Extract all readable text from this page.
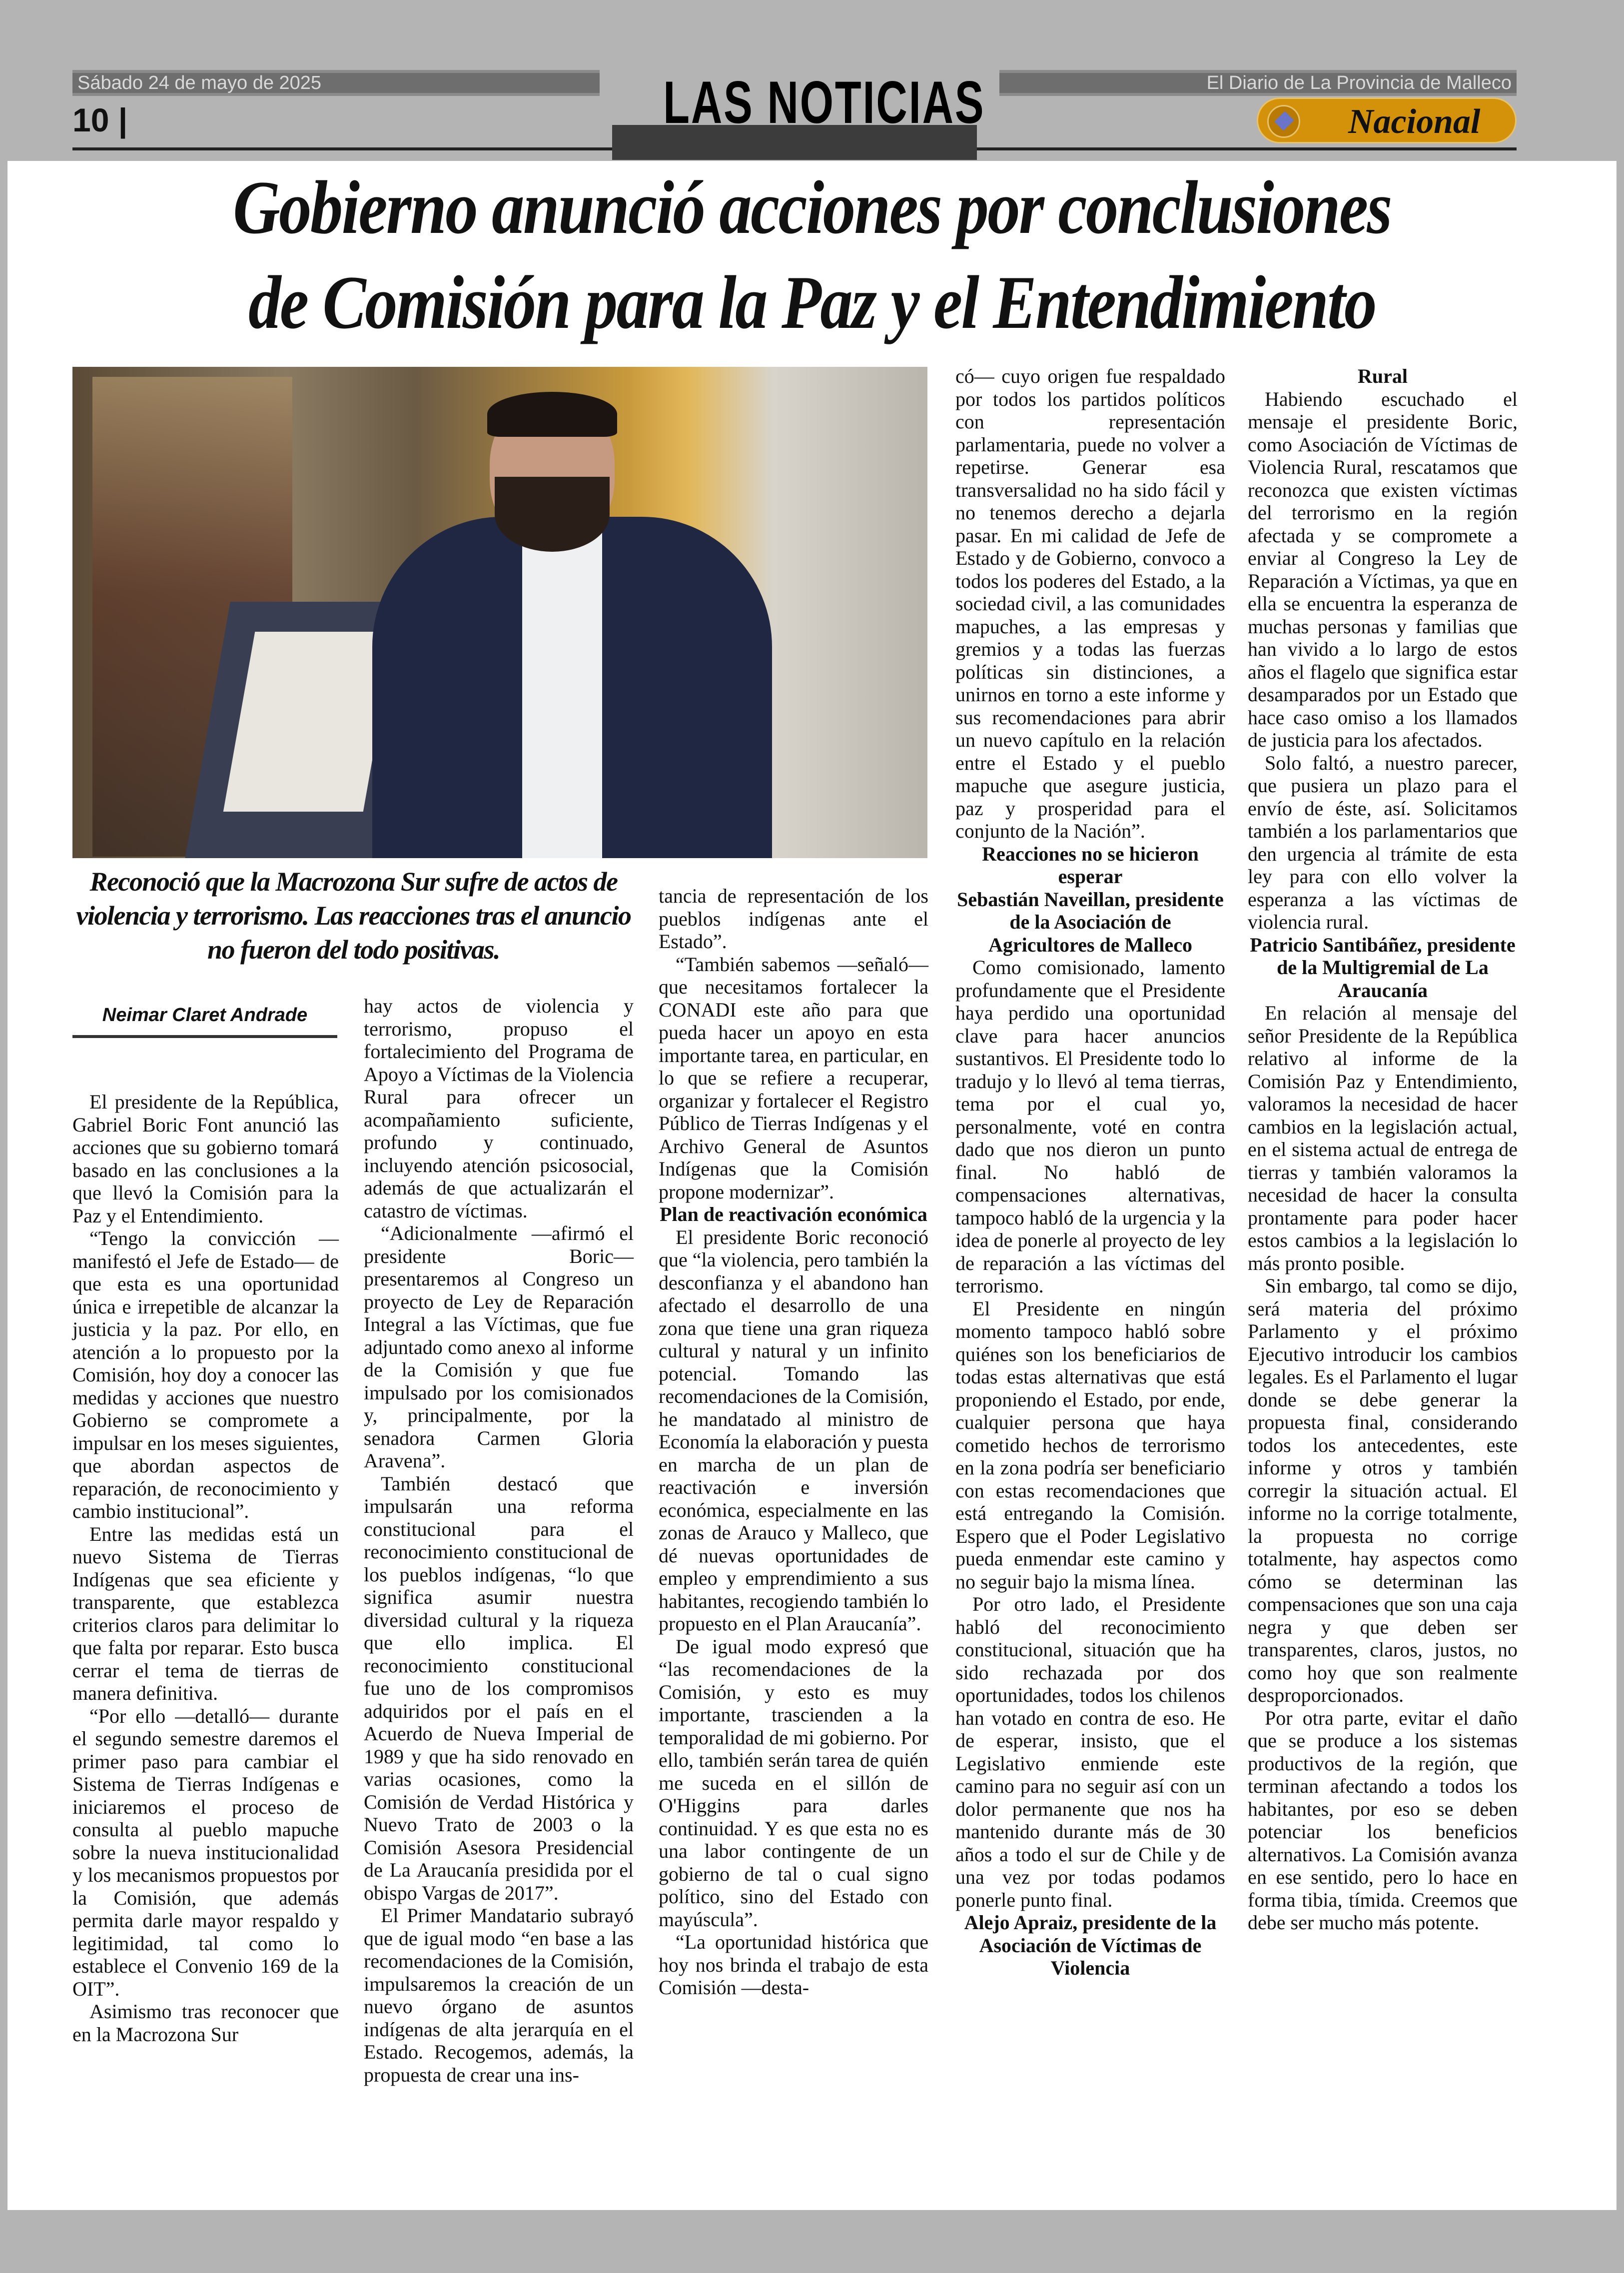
Sábado 24 de mayo de 2025	El Diario de La Provincia de Malleco
10 |	LAS NOTICIAS	Nacional
Gobierno anunció acciones por conclusiones
de Comisión para la Paz y el Entendimiento
Reconoció que la Macrozona Sur sufre de actos de violencia y terrorismo. Las reacciones tras el anuncio no fueron del todo positivas.
Neimar Claret Andrade

El presidente de la República, Gabriel Boric Font anunció las acciones que su gobierno tomará basado en las conclusiones a la que llevó la Comisión para la Paz y el Entendimiento.

“Tengo la convicción —manifestó el Jefe de Estado— de que esta es una oportunidad única e irrepetible de alcanzar la justicia y la paz. Por ello, en atención a lo propuesto por la Comisión, hoy doy a conocer las medidas y acciones que nuestro Gobierno se compromete a impulsar en los meses siguientes, que abordan aspectos de reparación, de reconocimiento y cambio institucional”.

Entre las medidas está un nuevo Sistema de Tierras Indígenas que sea eficiente y transparente, que establezca criterios claros para delimitar lo que falta por reparar. Esto busca cerrar el tema de tierras de manera definitiva.

“Por ello —detalló— durante el segundo semestre daremos el primer paso para cambiar el Sistema de Tierras Indígenas e iniciaremos el proceso de consulta al pueblo mapuche sobre la nueva institucionalidad y los mecanismos propuestos por la Comisión, que además permita darle mayor respaldo y legitimidad, tal como lo establece el Convenio 169 de la OIT”.

Asimismo tras reconocer que en la Macrozona Sur

hay actos de violencia y terrorismo, propuso el fortalecimiento del Programa de Apoyo a Víctimas de la Violencia Rural para ofrecer un acompañamiento suficiente, profundo y continuado, incluyendo atención psicosocial, además de que actualizarán el catastro de víctimas.

“Adicionalmente —afirmó el presidente Boric— presentaremos al Congreso un proyecto de Ley de Reparación Integral a las Víctimas, que fue adjuntado como anexo al informe de la Comisión y que fue impulsado por los comisionados y, principalmente, por la senadora Carmen Gloria Aravena”.

También destacó que impulsarán una reforma constitucional para el reconocimiento constitucional de los pueblos indígenas, “lo que significa asumir nuestra diversidad cultural y la riqueza que ello implica. El reconocimiento constitucional fue uno de los compromisos adquiridos por el país en el Acuerdo de Nueva Imperial de 1989 y que ha sido renovado en varias ocasiones, como la Comisión de Verdad Histórica y Nuevo Trato de 2003 o la Comisión Asesora Presidencial de La Araucanía presidida por el obispo Vargas de 2017”.

El Primer Mandatario subrayó que de igual modo “en base a las recomendaciones de la Comisión, impulsaremos la creación de un nuevo órgano de asuntos indígenas de alta jerarquía en el Estado. Recogemos, además, la propuesta de crear una ins-

tancia de representación de los pueblos indígenas ante el Estado”.

“También sabemos —señaló— que necesitamos fortalecer la CONADI este año para que pueda hacer un apoyo en esta importante tarea, en particular, en lo que se refiere a recuperar, organizar y fortalecer el Registro Público de Tierras Indígenas y el Archivo General de Asuntos Indígenas que la Comisión propone modernizar”.

Plan de reactivación económica

El presidente Boric reconoció que “la violencia, pero también la desconfianza y el abandono han afectado el desarrollo de una zona que tiene una gran riqueza cultural y natural y un infinito potencial. Tomando las recomendaciones de la Comisión, he mandatado al ministro de Economía la elaboración y puesta en marcha de un plan de reactivación e inversión económica, especialmente en las zonas de Arauco y Malleco, que dé nuevas oportunidades de empleo y emprendimiento a sus habitantes, recogiendo también lo propuesto en el Plan Araucanía”.

De igual modo expresó que “las recomendaciones de la Comisión, y esto es muy importante, trascienden a la temporalidad de mi gobierno. Por ello, también serán tarea de quién me suceda en el sillón de O'Higgins para darles continuidad. Y es que esta no es una labor contingente de un gobierno de tal o cual signo político, sino del Estado con mayúscula”.

“La oportunidad histórica que hoy nos brinda el trabajo de esta Comisión —desta-

có— cuyo origen fue respaldado por todos los partidos políticos con representación parlamentaria, puede no volver a repetirse. Generar esa transversalidad no ha sido fácil y no tenemos derecho a dejarla pasar. En mi calidad de Jefe de Estado y de Gobierno, convoco a todos los poderes del Estado, a la sociedad civil, a las comunidades mapuches, a las empresas y gremios y a todas las fuerzas políticas sin distinciones, a unirnos en torno a este informe y sus recomendaciones para abrir un nuevo capítulo en la relación entre el Estado y el pueblo mapuche que asegure justicia, paz y prosperidad para el conjunto de la Nación”.

Reacciones no se hicieron esperar
Sebastián Naveillan, presidente de la Asociación de Agricultores de Malleco

Como comisionado, lamento profundamente que el Presidente haya perdido una oportunidad clave para hacer anuncios sustantivos. El Presidente todo lo tradujo y lo llevó al tema tierras, tema por el cual yo, personalmente, voté en contra dado que nos dieron un punto final. No habló de compensaciones alternativas, tampoco habló de la urgencia y la idea de ponerle al proyecto de ley de reparación a las víctimas del terrorismo.

El Presidente en ningún momento tampoco habló sobre quiénes son los beneficiarios de todas estas alternativas que está proponiendo el Estado, por ende, cualquier persona que haya cometido hechos de terrorismo en la zona podría ser beneficiario con estas recomendaciones que está entregando la Comisión. Espero que el Poder Legislativo pueda enmendar este camino y no seguir bajo la misma línea.

Por otro lado, el Presidente habló del reconocimiento constitucional, situación que ha sido rechazada por dos oportunidades, todos los chilenos han votado en contra de eso. He de esperar, insisto, que el Legislativo enmiende este camino para no seguir así con un dolor permanente que nos ha mantenido durante más de 30 años a todo el sur de Chile y de una vez por todas podamos ponerle punto final.

Alejo Apraiz, presidente de la Asociación de Víctimas de Violencia
Rural

Habiendo escuchado el mensaje el presidente Boric, como Asociación de Víctimas de Violencia Rural, rescatamos que reconozca que existen víctimas del terrorismo en la región afectada y se compromete a enviar al Congreso la Ley de Reparación a Víctimas, ya que en ella se encuentra la esperanza de muchas personas y familias que han vivido a lo largo de estos años el flagelo que significa estar desamparados por un Estado que hace caso omiso a los llamados de justicia para los afectados.

Solo faltó, a nuestro parecer, que pusiera un plazo para el envío de éste, así. Solicitamos también a los parlamentarios que den urgencia al trámite de esta ley para con ello volver la esperanza a las víctimas de violencia rural.

Patricio Santibáñez, presidente de la Multigremial de La Araucanía

En relación al mensaje del señor Presidente de la República relativo al informe de la Comisión Paz y Entendimiento, valoramos la necesidad de hacer cambios en la legislación actual, en el sistema actual de entrega de tierras y también valoramos la necesidad de hacer la consulta prontamente para poder hacer estos cambios a la legislación lo más pronto posible.

Sin embargo, tal como se dijo, será materia del próximo Parlamento y el próximo Ejecutivo introducir los cambios legales. Es el Parlamento el lugar donde se debe generar la propuesta final, considerando todos los antecedentes, este informe y otros y también corregir la situación actual. El informe no la corrige totalmente, la propuesta no corrige totalmente, hay aspectos como cómo se determinan las compensaciones que son una caja negra y que deben ser transparentes, claros, justos, no como hoy que son realmente desproporcionados.

Por otra parte, evitar el daño que se produce a los sistemas productivos de la región, que terminan afectando a todos los habitantes, por eso se deben potenciar los beneficios alternativos. La Comisión avanza en ese sentido, pero lo hace en forma tibia, tímida. Creemos que debe ser mucho más potente.
